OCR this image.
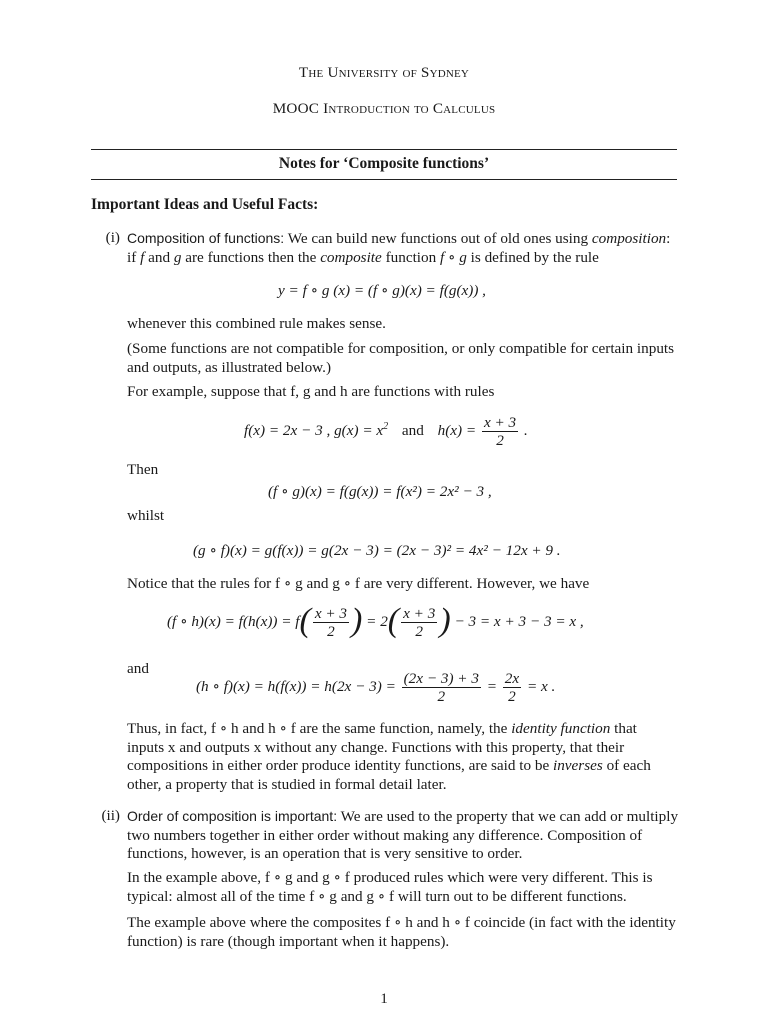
The University of Sydney
MOOC Introduction to Calculus
Notes for ‘Composite functions’
Important Ideas and Useful Facts:
(i) Composition of functions: We can build new functions out of old ones using composition:
if f and g are functions then the composite function f ∘ g is defined by the rule
y = f ∘ g (x) = (f ∘ g)(x) = f(g(x)) ,
whenever this combined rule makes sense.
(Some functions are not compatible for composition, or only compatible for certain inputs and outputs, as illustrated below.)
For example, suppose that f, g and h are functions with rules
f(x) = 2x − 3 , $g(x) = x^2$ and $h(x) = \frac{x + 3}{2}$ .
Then
(f ∘ g)(x) = f(g(x)) = f(x²) = 2x² − 3 ,
whilst
(g ∘ f)(x) = g(f(x)) = g(2x − 3) = (2x − 3)² = 4x² − 12x + 9 .
Notice that the rules for f ∘ g and g ∘ f are very different. However, we have
(f ∘ $h)(x) = f(h(x)) = f( \frac{x + 3}{2}$ ) = $2( \frac{x + 3}{2}$ ) − 3 = x + 3 − 3 = x ,
and
(h ∘ $f)(x) = h(f(x)) = h(2x - 3) = \frac{(2x - 3) + 3}{2} = \frac{2x}{2} = x$ .
Thus, in fact, f ∘ h and h ∘ f are the same function, namely, the identity function that
inputs x and outputs x without any change. Functions with this property, that their
compositions in either order produce identity functions, are said to be inverses of each
other, a property that is studied in formal detail later.
(ii) Order of composition is important: We are used to the property that we can add or multiply
two numbers together in either order without making any difference. Composition of
functions, however, is an operation that is very sensitive to order.
In the example above, f ∘ g and g ∘ f produced rules which were very different. This is
typical: almost all of the time f ∘ g and g ∘ f will turn out to be different functions.
The example above where the composites f ∘ h and h ∘ f coincide (in fact with the identity
function) is rare (though important when it happens).
1
